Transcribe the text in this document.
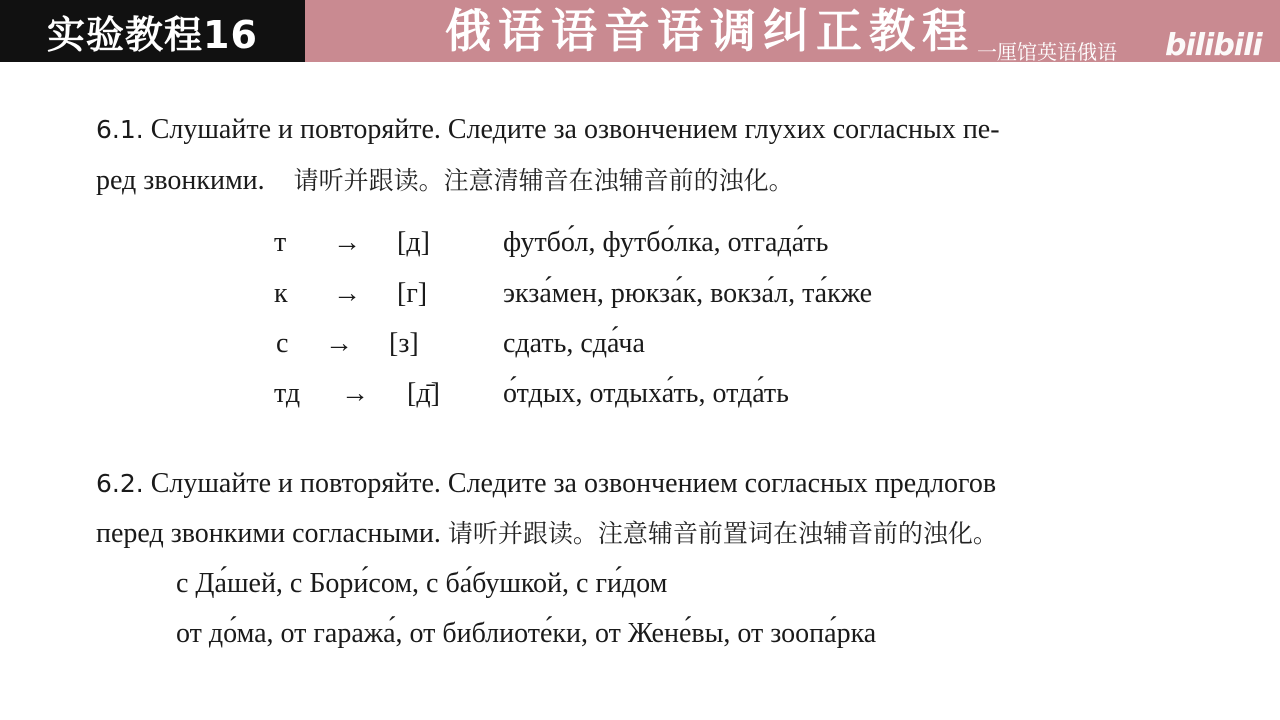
实验教程16	俄语语音语调纠正教程 一厘馆英语俄语 bilibili
6.1. Слушайте и повторяйте. Следите за озвончением глухих согласных пе-
ред звонкими. 请听并跟读。注意清辅音在浊辅音前的浊化。
т → [д]	футбо́л, футбо́лка, отгада́ть
к → [г]	экза́мен, рюкза́к, вокза́л, та́кже
с → [з]	сдать, сда́ча
тд → [д̄] о́тдых, отдыха́ть, отда́ть
6.2. Слушайте и повторяйте. Следите за озвончением согласных предлогов
перед звонкими согласными. 请听并跟读。注意辅音前置词在浊辅音前的浊化。
с Да́шей, с Бори́сом, с ба́бушкой, с ги́дом
от до́ма, от гаража́, от библиоте́ки, от Жене́вы, от зоопа́рка
